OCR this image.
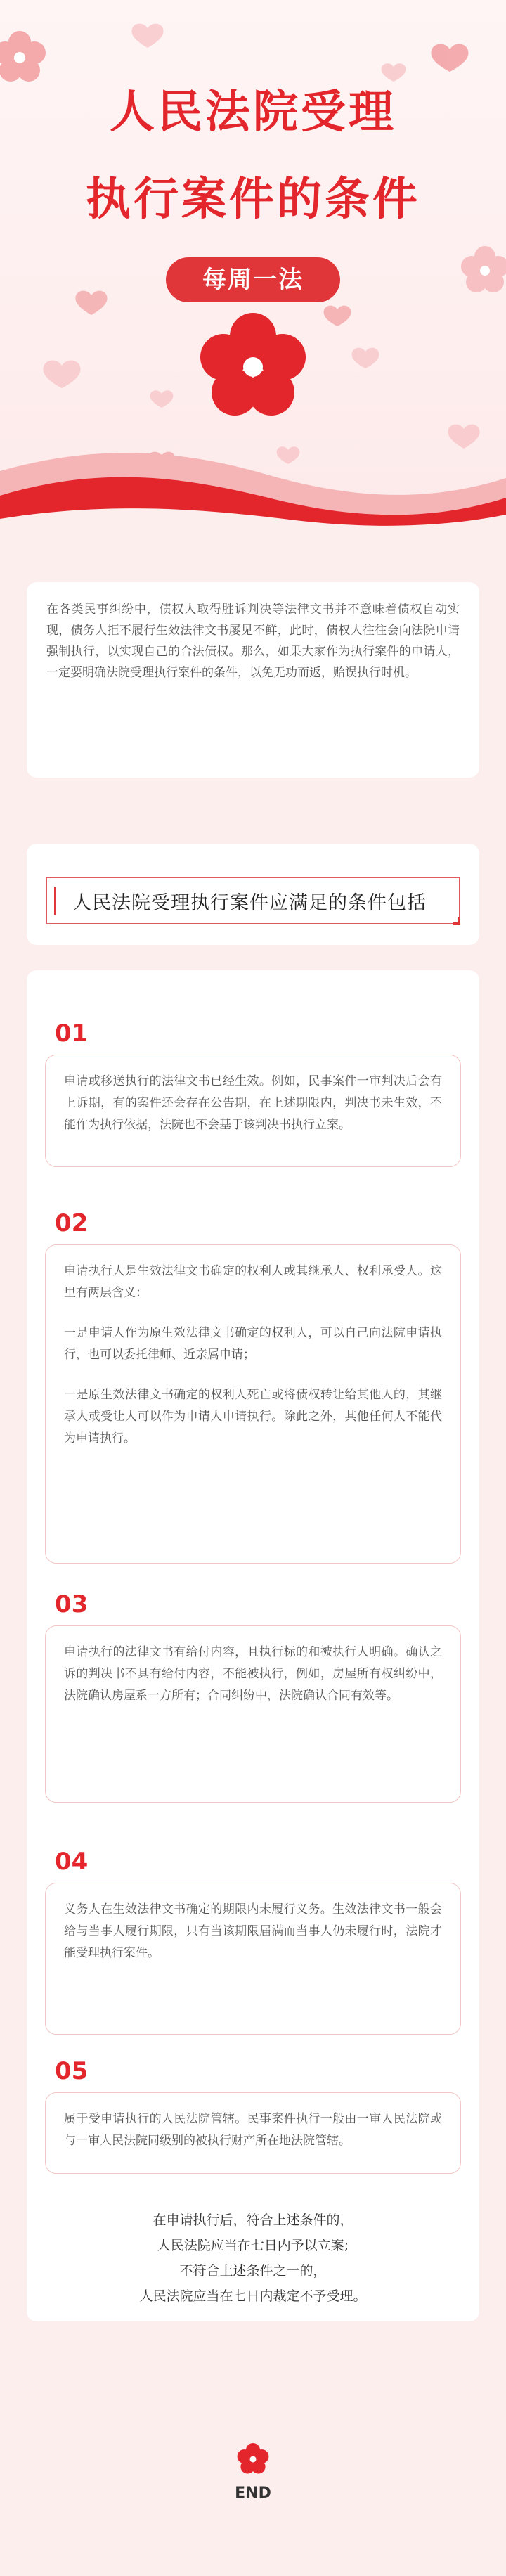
人民法院受理
执行案件的条件
每周一法

在各类民事纠纷中，债权人取得胜诉判决等法律文书并不意味着债权自动实现，债务人拒不履行生效法律文书屡见不鲜，此时，债权人往往会向法院申请强制执行，以实现自己的合法债权。那么，如果大家作为执行案件的申请人，一定要明确法院受理执行案件的条件，以免无功而返，贻误执行时机。

人民法院受理执行案件应满足的条件包括
01

申请或移送执行的法律文书已经生效。例如，民事案件一审判决后会有上诉期，有的案件还会存在公告期，在上述期限内，判决书未生效，不能作为执行依据，法院也不会基于该判决书执行立案。

02

申请执行人是生效法律文书确定的权利人或其继承人、权利承受人。这里有两层含义：

一是申请人作为原生效法律文书确定的权利人，可以自己向法院申请执行，也可以委托律师、近亲属申请；

一是原生效法律文书确定的权利人死亡或将债权转让给其他人的，其继承人或受让人可以作为申请人申请执行。除此之外，其他任何人不能代为申请执行。

03

申请执行的法律文书有给付内容，且执行标的和被执行人明确。确认之诉的判决书不具有给付内容，不能被执行，例如，房屋所有权纠纷中，法院确认房屋系一方所有；合同纠纷中，法院确认合同有效等。

04

义务人在生效法律文书确定的期限内未履行义务。生效法律文书一般会给与当事人履行期限，只有当该期限届满而当事人仍未履行时，法院才能受理执行案件。

05

属于受申请执行的人民法院管辖。民事案件执行一般由一审人民法院或与一审人民法院同级别的被执行财产所在地法院管辖。

在申请执行后，符合上述条件的，

人民法院应当在七日内予以立案;

不符合上述条件之一的，

人民法院应当在七日内裁定不予受理。

END
